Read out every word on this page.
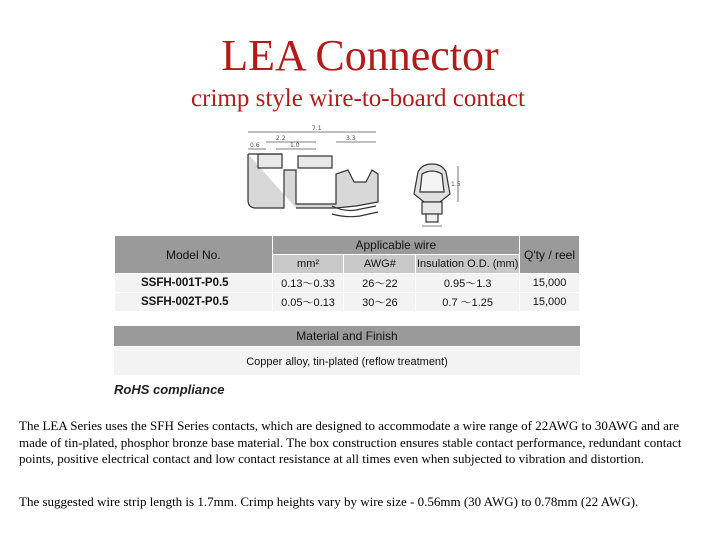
LEA Connector
crimp style wire-to-board contact
7.1
2.2	3.3
0.6	1.0
1.5
Model No.	Applicable wire			Q'ty / reel
	mm²	AWG#	Insulation O.D. (mm)	
SSFH-001T-P0.5	0.13～0.33	26～22	0.95～1.3	15,000
SSFH-002T-P0.5	0.05～0.13	30～26	0.7 ～1.25	15,000
Material and Finish
Copper alloy, tin-plated (reflow treatment)
RoHS compliance
The LEA Series uses the SFH Series contacts, which are designed to accommodate a wire range of 22AWG to 30AWG and are made of tin-plated, phosphor bronze base material. The box construction ensures stable contact performance, redundant contact points, positive electrical contact and low contact resistance at all times even when subjected to vibration and distortion.
The suggested wire strip length is 1.7mm. Crimp heights vary by wire size - 0.56mm (30 AWG) to 0.78mm (22 AWG).
